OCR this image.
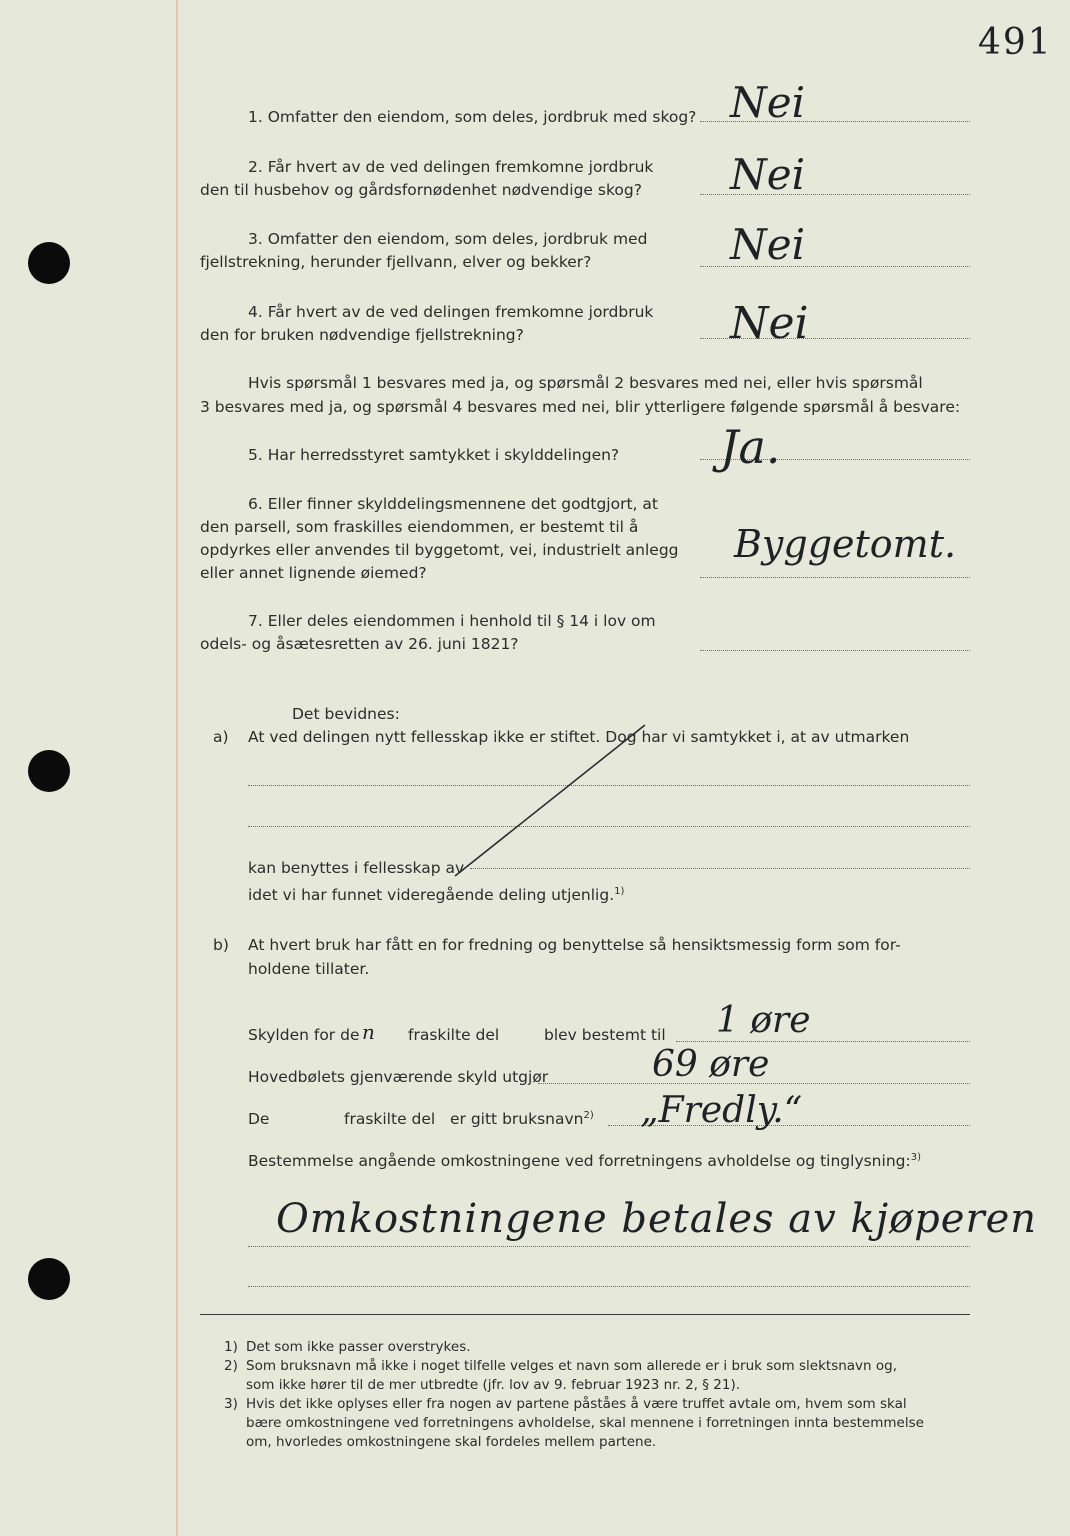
491
1. Omfatter den eiendom, som deles, jordbruk med skog? Nei
2. Får hvert av de ved delingen fremkomne jordbruk
den til husbehov og gårdsfornødenhet nødvendige skog? Nei
3. Omfatter den eiendom, som deles, jordbruk med
fjellstrekning, herunder fjellvann, elver og bekker?	Nei
4. Får hvert av de ved delingen fremkomne jordbruk
den for bruken nødvendige fjellstrekning?	Nei
Hvis spørsmål 1 besvares med ja, og spørsmål 2 besvares med nei, eller hvis spørsmål
3 besvares med ja, og spørsmål 4 besvares med nei, blir ytterligere følgende spørsmål å besvare:
5. Har herredsstyret samtykket i skylddelingen? Ja.
6. Eller finner skylddelingsmennene det godtgjort, at
den parsell, som fraskilles eiendommen, er bestemt til å
opdyrkes eller anvendes til byggetomt, vei, industrielt anlegg
eller annet lignende øiemed?
Byggetomt.
7. Eller deles eiendommen i henhold til § 14 i lov om
odels- og åsætesretten av 26. juni 1821?
Det bevidnes:
a) At ved delingen nytt fellesskap ikke er stiftet. Dog har vi samtykket i, at av utmarken
kan benyttes i fellesskap av
idet vi har funnet videregående deling utjenlig.$^{1)}$
b) At hvert bruk har fått en for fredning og benyttelse så hensiktsmessig form som for-
holdene tillater.
Skylden for de n fraskilte del	blev bestemt til 1 øre
Hovedbølets gjenværende skyld utgjør	69 øre
De	fraskilte del er gitt bruksnavn$^{2)}$ „Fredly.“
Bestemmelse angående omkostningene ved forretningens avholdelse og tinglysning:$^{3)}$
Omkostningene betales av kjøperen
1) Det som ikke passer overstrykes.
2) Som bruksnavn må ikke i noget tilfelle velges et navn som allerede er i bruk som slektsnavn og,
som ikke hører til de mer utbredte (jfr. lov av 9. februar 1923 nr. 2, § 21).
3) Hvis det ikke oplyses eller fra nogen av partene påståes å være truffet avtale om, hvem som skal
bære omkostningene ved forretningens avholdelse, skal mennene i forretningen innta bestemmelse
om, hvorledes omkostningene skal fordeles mellem partene.
